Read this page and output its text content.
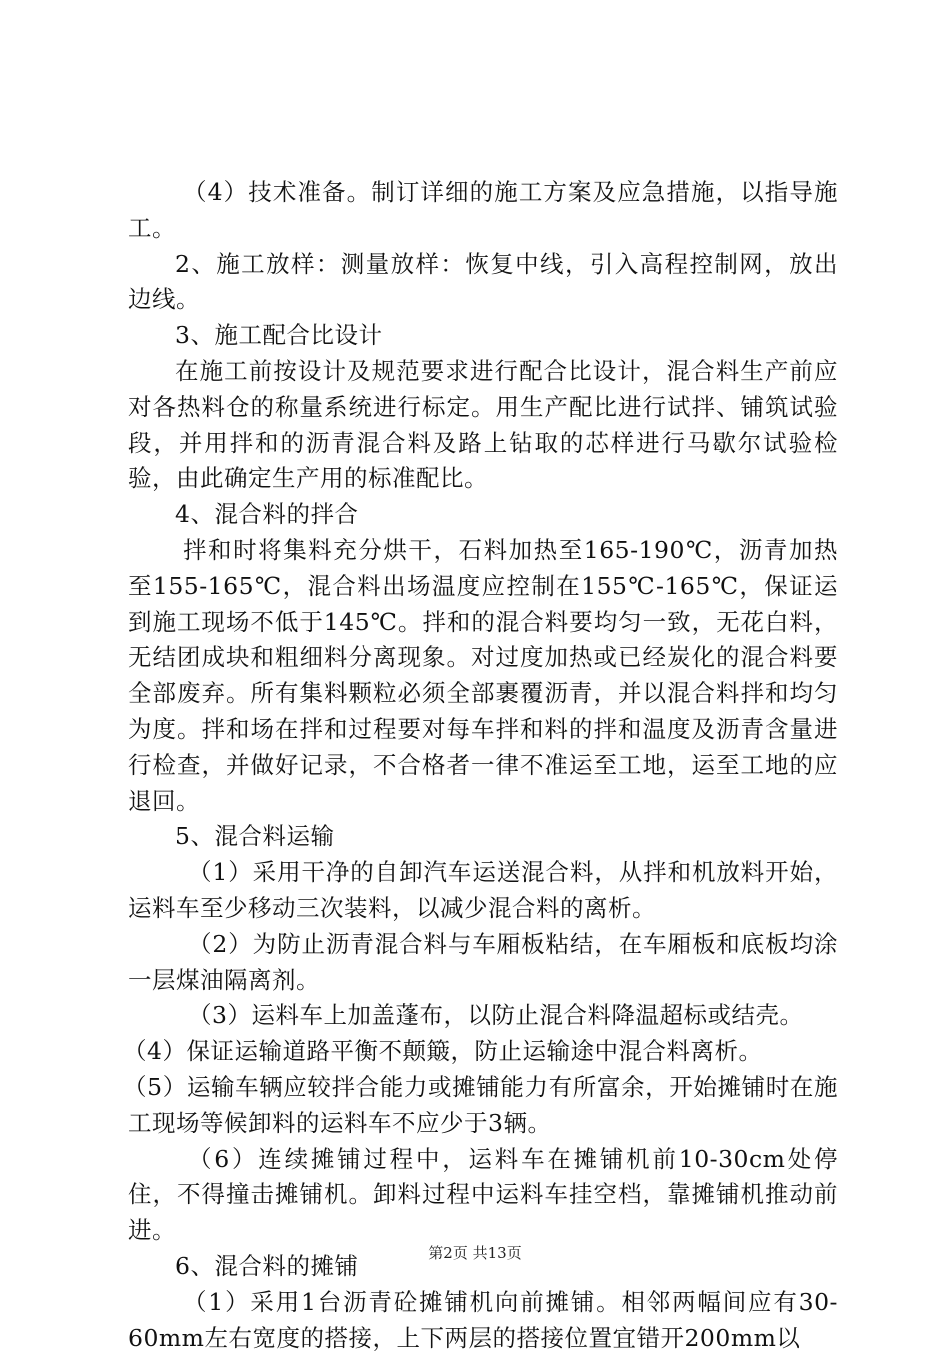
（4）技术准备。制订详细的施工方案及应急措施，以指导施工。

2、施工放样：测量放样：恢复中线，引入高程控制网，放出边线。

3、施工配合比设计

在施工前按设计及规范要求进行配合比设计，混合料生产前应对各热料仓的称量系统进行标定。用生产配比进行试拌、铺筑试验段，并用拌和的沥青混合料及路上钻取的芯样进行马歇尔试验检验，由此确定生产用的标准配比。

4、混合料的拌合

拌和时将集料充分烘干，石料加热至165-190℃，沥青加热至155-165℃，混合料出场温度应控制在155℃-165℃，保证运到施工现场不低于145℃。拌和的混合料要均匀一致，无花白料，无结团成块和粗细料分离现象。对过度加热或已经炭化的混合料要全部废弃。所有集料颗粒必须全部裹覆沥青，并以混合料拌和均匀为度。拌和场在拌和过程要对每车拌和料的拌和温度及沥青含量进行检查，并做好记录，不合格者一律不准运至工地，运至工地的应退回。

5、混合料运输

（1）采用干净的自卸汽车运送混合料，从拌和机放料开始，运料车至少移动三次装料，以减少混合料的离析。

（2）为防止沥青混合料与车厢板粘结，在车厢板和底板均涂一层煤油隔离剂。

（3）运料车上加盖蓬布，以防止混合料降温超标或结壳。

（4）保证运输道路平衡不颠簸，防止运输途中混合料离析。

（5）运输车辆应较拌合能力或摊铺能力有所富余，开始摊铺时在施工现场等候卸料的运料车不应少于3辆。

（6）连续摊铺过程中，运料车在摊铺机前10-30cm处停住，不得撞击摊铺机。卸料过程中运料车挂空档，靠摊铺机推动前进。

6、混合料的摊铺

（1）采用1台沥青砼摊铺机向前摊铺。相邻两幅间应有30-60mm左右宽度的搭接，上下两层的搭接位置宜错开200mm以

第2页 共13页
